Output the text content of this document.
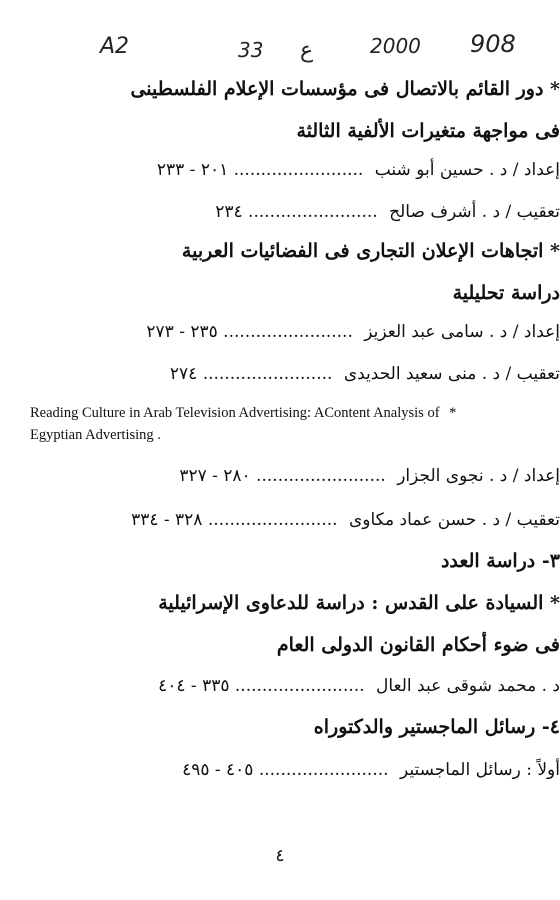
A2	33 ع	2000 908
* دور القائم بالاتصال فى مؤسسات الإعلام الفلسطينى
فى مواجهة متغيرات الألفية الثالثة
إعداد / د . حسين أبو شنب ..... ٢٠١ - ٢٣٣
تعقيب / د . أشرف صالح ..... ٢٣٤
* اتجاهات الإعلان التجارى فى الفضائيات العربية
دراسة تحليلية
إعداد / د . سامى عبد العزيز ..... ٢٣٥ - ٢٧٣
تعقيب / د . منى سعيد الحديدى ..... ٢٧٤
Reading Culture in Arab Television Advertising: AContent Analysis of *
Egyptian Advertising .
إعداد / د . نجوى الجزار ..... ٢٨٠ - ٣٢٧
تعقيب / د . حسن عماد مكاوى ..... ٣٢٨ - ٣٣٤
٣- دراسة العدد
* السيادة على القدس : دراسة للدعاوى الإسرائيلية
فى ضوء أحكام القانون الدولى العام
د . محمد شوقى عبد العال ..... ٣٣٥ - ٤٠٤
٤- رسائل الماجستير والدكتوراه
أولاً : رسائل الماجستير ..... ٤٠٥ - ٤٩٥
٤
